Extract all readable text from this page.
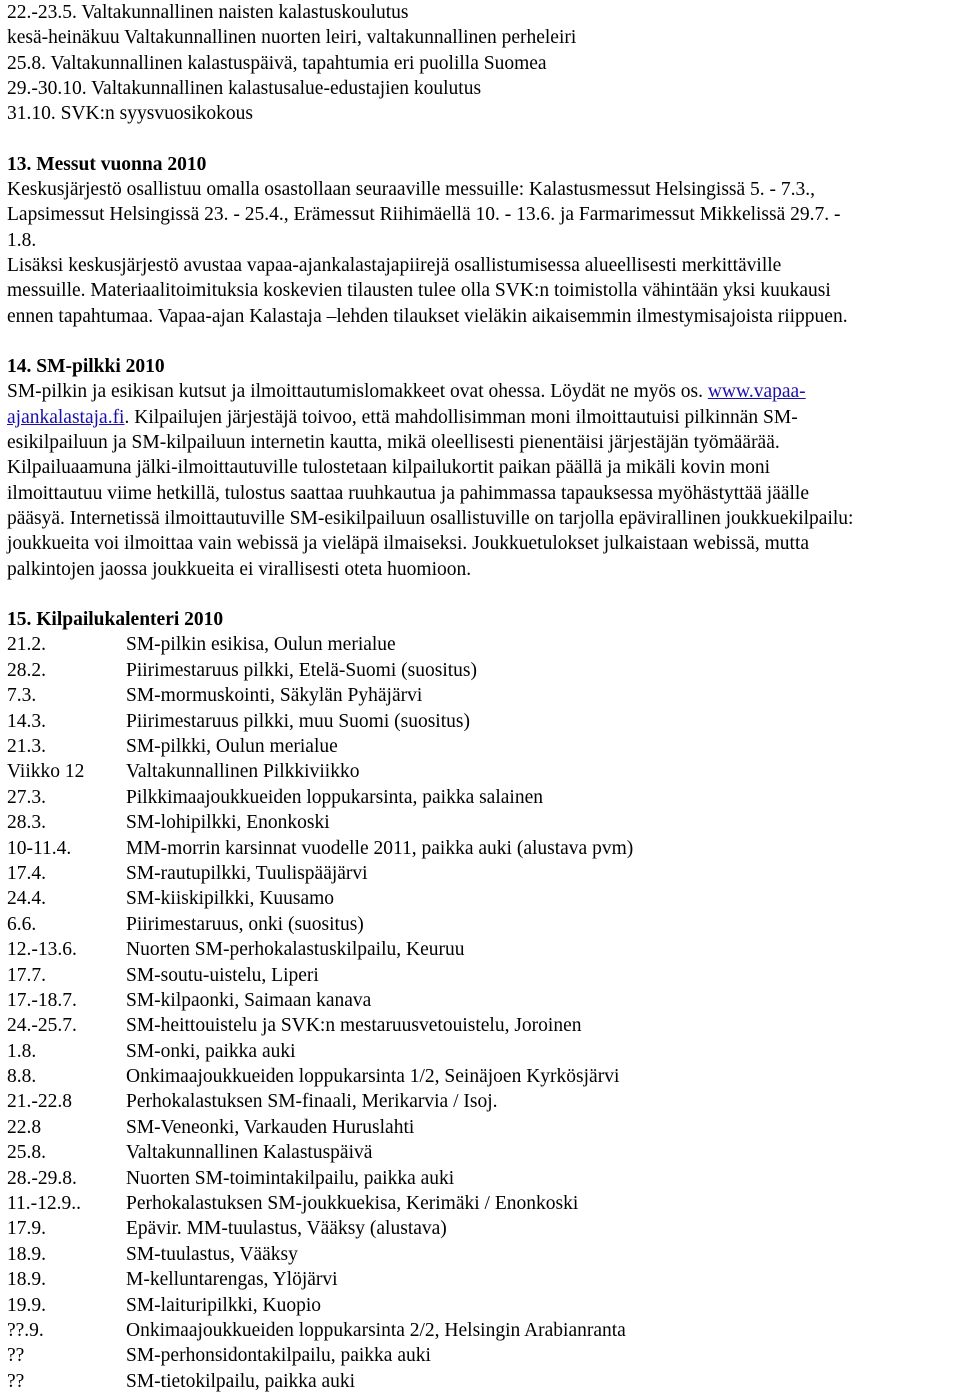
22.-23.5. Valtakunnallinen naisten kalastuskoulutus
kesä-heinäkuu Valtakunnallinen nuorten leiri, valtakunnallinen perheleiri
25.8. Valtakunnallinen kalastuspäivä, tapahtumia eri puolilla Suomea
29.-30.10. Valtakunnallinen kalastusalue-edustajien koulutus
31.10. SVK:n syysvuosikokous
13. Messut vuonna 2010
Keskusjärjestö osallistuu omalla osastollaan seuraaville messuille: Kalastusmessut Helsingissä 5. - 7.3.,
Lapsimessut Helsingissä 23. - 25.4., Erämessut Riihimäellä 10. - 13.6. ja Farmarimessut Mikkelissä 29.7. -
1.8.
Lisäksi keskusjärjestö avustaa vapaa-ajankalastajapiirejä osallistumisessa alueellisesti merkittäville
messuille. Materiaalitoimituksia koskevien tilausten tulee olla SVK:n toimistolla vähintään yksi kuukausi
ennen tapahtumaa. Vapaa-ajan Kalastaja –lehden tilaukset vieläkin aikaisemmin ilmestymisajoista riippuen.
14. SM-pilkki 2010
SM-pilkin ja esikisan kutsut ja ilmoittautumislomakkeet ovat ohessa. Löydät ne myös os. www.vapaa-
ajankalastaja.fi. Kilpailujen järjestäjä toivoo, että mahdollisimman moni ilmoittautuisi pilkinnän SM-
esikilpailuun ja SM-kilpailuun internetin kautta, mikä oleellisesti pienentäisi järjestäjän työmäärää.
Kilpailuaamuna jälki-ilmoittautuville tulostetaan kilpailukortit paikan päällä ja mikäli kovin moni
ilmoittautuu viime hetkillä, tulostus saattaa ruuhkautua ja pahimmassa tapauksessa myöhästyttää jäälle
pääsyä. Internetissä ilmoittautuville SM-esikilpailuun osallistuville on tarjolla epävirallinen joukkuekilpailu:
joukkueita voi ilmoittaa vain webissä ja vieläpä ilmaiseksi. Joukkuetulokset julkaistaan webissä, mutta
palkintojen jaossa joukkueita ei virallisesti oteta huomioon.
15. Kilpailukalenteri 2010
21.2.	SM-pilkin esikisa, Oulun merialue
28.2.	Piirimestaruus pilkki, Etelä-Suomi (suositus)
7.3.	SM-mormuskointi, Säkylän Pyhäjärvi
14.3.	Piirimestaruus pilkki, muu Suomi (suositus)
21.3.	SM-pilkki, Oulun merialue
Viikko 12	Valtakunnallinen Pilkkiviikko
27.3.	Pilkkimaajoukkueiden loppukarsinta, paikka salainen
28.3.	SM-lohipilkki, Enonkoski
10-11.4.	MM-morrin karsinnat vuodelle 2011, paikka auki (alustava pvm)
17.4.	SM-rautupilkki, Tuulispääjärvi
24.4.	SM-kiiskipilkki, Kuusamo
6.6.	Piirimestaruus, onki (suositus)
12.-13.6.	Nuorten SM-perhokalastuskilpailu, Keuruu
17.7.	SM-soutu-uistelu, Liperi
17.-18.7.	SM-kilpaonki, Saimaan kanava
24.-25.7.	SM-heittouistelu ja SVK:n mestaruusvetouistelu, Joroinen
1.8.	SM-onki, paikka auki
8.8.	Onkimaajoukkueiden loppukarsinta 1/2, Seinäjoen Kyrkösjärvi
21.-22.8	Perhokalastuksen SM-finaali, Merikarvia / Isoj.
22.8	SM-Veneonki, Varkauden Huruslahti
25.8.	Valtakunnallinen Kalastuspäivä
28.-29.8.	Nuorten SM-toimintakilpailu, paikka auki
11.-12.9..	Perhokalastuksen SM-joukkuekisa, Kerimäki / Enonkoski
17.9.	Epävir. MM-tuulastus, Vääksy (alustava)
18.9.	SM-tuulastus, Vääksy
18.9.	M-kelluntarengas, Ylöjärvi
19.9.	SM-laituripilkki, Kuopio
??.9.	Onkimaajoukkueiden loppukarsinta 2/2, Helsingin Arabianranta
??	SM-perhonsidontakilpailu, paikka auki
??	SM-tietokilpailu, paikka auki
